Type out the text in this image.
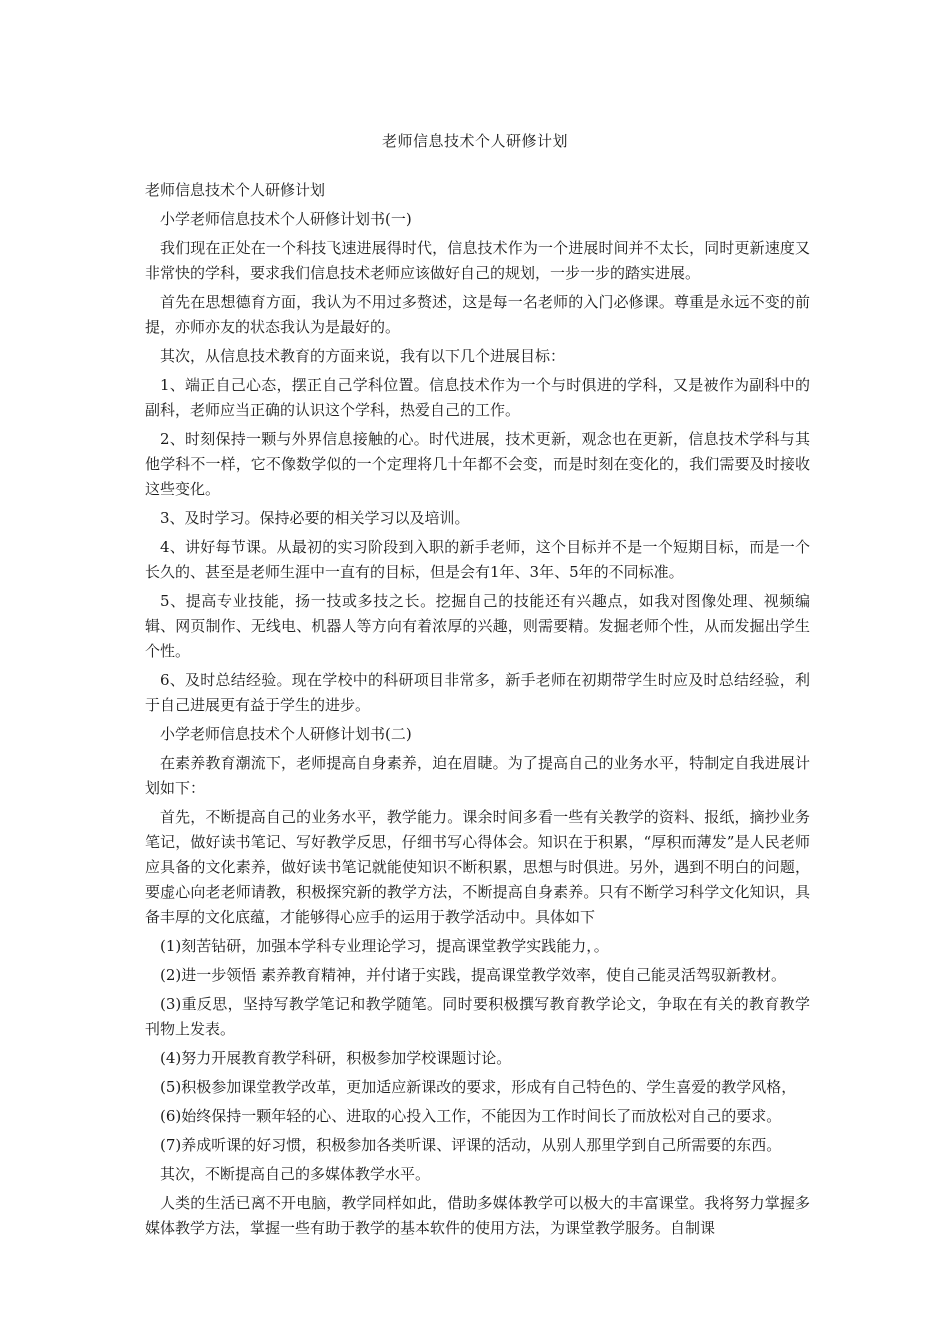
老师信息技术个人研修计划

老师信息技术个人研修计划

小学老师信息技术个人研修计划书(一)

我们现在正处在一个科技飞速进展得时代，信息技术作为一个进展时间并不太长，同时更新速度又非常快的学科，要求我们信息技术老师应该做好自己的规划，一步一步的踏实进展。

首先在思想德育方面，我认为不用过多赘述，这是每一名老师的入门必修课。尊重是永远不变的前提，亦师亦友的状态我认为是最好的。

其次，从信息技术教育的方面来说，我有以下几个进展目标：

1、端正自己心态，摆正自己学科位置。信息技术作为一个与时俱进的学科，又是被作为副科中的副科，老师应当正确的认识这个学科，热爱自己的工作。

2、时刻保持一颗与外界信息接触的心。时代进展，技术更新，观念也在更新，信息技术学科与其他学科不一样，它不像数学似的一个定理将几十年都不会变，而是时刻在变化的，我们需要及时接收这些变化。

3、及时学习。保持必要的相关学习以及培训。

4、讲好每节课。从最初的实习阶段到入职的新手老师，这个目标并不是一个短期目标，而是一个长久的、甚至是老师生涯中一直有的目标，但是会有1年、3年、5年的不同标准。

5、提高专业技能，扬一技或多技之长。挖掘自己的技能还有兴趣点，如我对图像处理、视频编辑、网页制作、无线电、机器人等方向有着浓厚的兴趣，则需要精。发掘老师个性，从而发掘出学生个性。

6、及时总结经验。现在学校中的科研项目非常多，新手老师在初期带学生时应及时总结经验，利于自己进展更有益于学生的进步。

小学老师信息技术个人研修计划书(二)

在素养教育潮流下，老师提高自身素养，迫在眉睫。为了提高自己的业务水平，特制定自我进展计划如下：

首先，不断提高自己的业务水平，教学能力。课余时间多看一些有关教学的资料、报纸，摘抄业务笔记，做好读书笔记、写好教学反思，仔细书写心得体会。知识在于积累，“厚积而薄发”是人民老师应具备的文化素养，做好读书笔记就能使知识不断积累，思想与时俱进。另外，遇到不明白的问题，要虚心向老老师请教，积极探究新的教学方法，不断提高自身素养。只有不断学习科学文化知识，具备丰厚的文化底蕴，才能够得心应手的运用于教学活动中。具体如下

(1)刻苦钻研，加强本学科专业理论学习，提高课堂教学实践能力，。

(2)进一步领悟 素养教育精神，并付诸于实践，提高课堂教学效率，使自己能灵活驾驭新教材。

(3)重反思，坚持写教学笔记和教学随笔。同时要积极撰写教育教学论文，争取在有关的教育教学刊物上发表。

(4)努力开展教育教学科研，积极参加学校课题讨论。

(5)积极参加课堂教学改革，更加适应新课改的要求，形成有自己特色的、学生喜爱的教学风格，

(6)始终保持一颗年轻的心、进取的心投入工作，不能因为工作时间长了而放松对自己的要求。

(7)养成听课的好习惯，积极参加各类听课、评课的活动，从别人那里学到自己所需要的东西。

其次，不断提高自己的多媒体教学水平。

人类的生活已离不开电脑，教学同样如此，借助多媒体教学可以极大的丰富课堂。我将努力掌握多媒体教学方法，掌握一些有助于教学的基本软件的使用方法，为课堂教学服务。自制课
